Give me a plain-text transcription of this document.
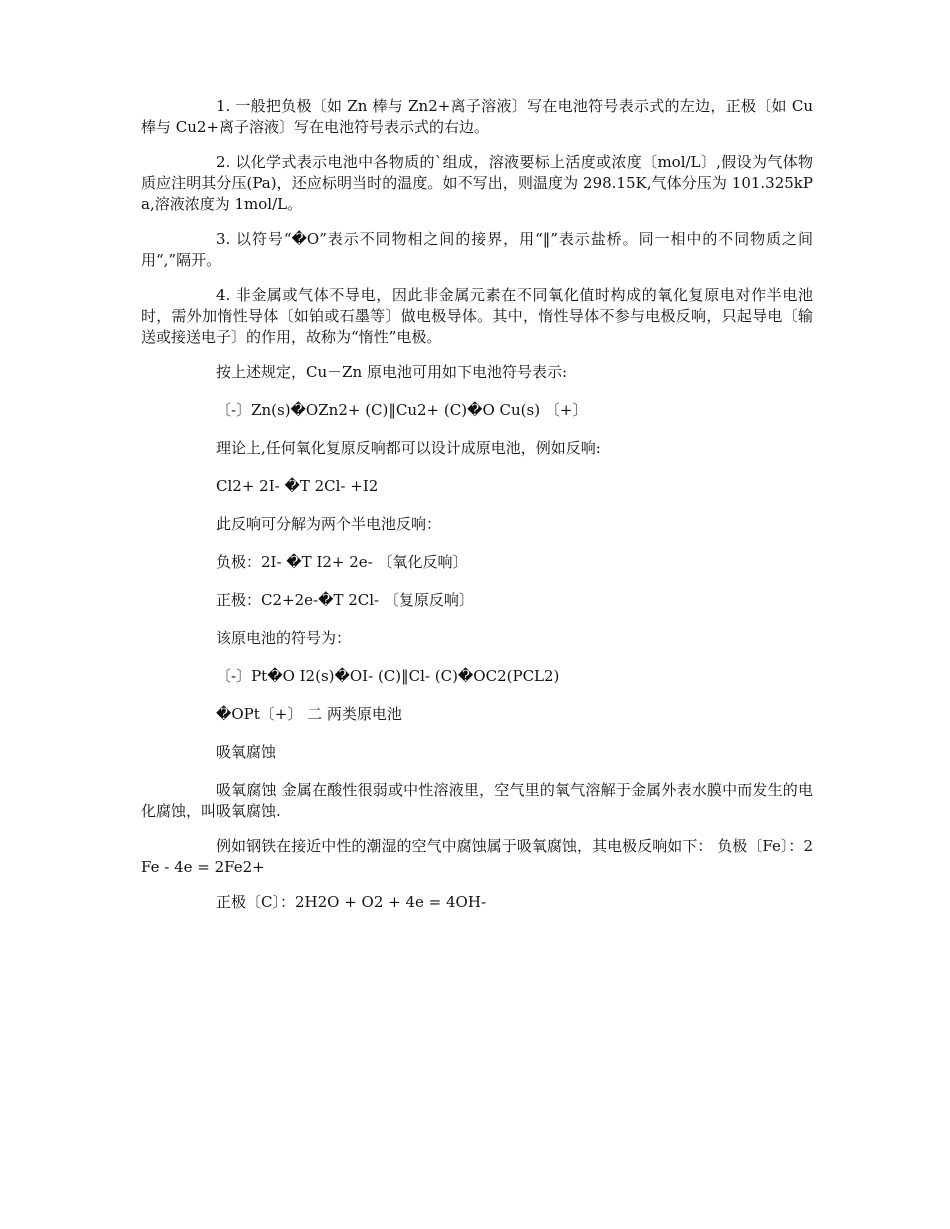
1. 一般把负极〔如 Zn 棒与 Zn2+离子溶液〕写在电池符号表示式的左边，正极〔如 Cu 棒与 Cu2+离子溶液〕写在电池符号表示式的右边。

2. 以化学式表示电池中各物质的`组成，溶液要标上活度或浓度〔mol/L〕,假设为气体物质应注明其分压(Pa)，还应标明当时的温度。如不写出，则温度为 298.15K,气体分压为 101.325kPa,溶液浓度为 1mol/L。

3. 以符号“�O”表示不同物相之间的接界，用“‖”表示盐桥。同一相中的不同物质之间用“,”隔开。

4. 非金属或气体不导电，因此非金属元素在不同氧化值时构成的氧化复原电对作半电池时，需外加惰性导体〔如铂或石墨等〕做电极导体。其中，惰性导体不参与电极反响，只起导电〔输送或接送电子〕的作用，故称为“惰性”电极。

按上述规定，Cu－Zn 原电池可用如下电池符号表示:

〔-〕Zn(s)�OZn2+ (C)‖Cu2+ (C)�O Cu(s) 〔+〕

理论上,任何氧化复原反响都可以设计成原电池，例如反响:

Cl2+ 2I- �T 2Cl- +I2

此反响可分解为两个半电池反响：

负极：2I- �T I2+ 2e- 〔氧化反响〕

正极：C2+2e-�T 2Cl- 〔复原反响〕

该原电池的符号为：

〔-〕Pt�O I2(s)�OI- (C)‖Cl- (C)�OC2(PCL2)

�OPt〔+〕 二 两类原电池

吸氧腐蚀

吸氧腐蚀 金属在酸性很弱或中性溶液里，空气里的氧气溶解于金属外表水膜中而发生的电化腐蚀，叫吸氧腐蚀.

例如钢铁在接近中性的潮湿的空气中腐蚀属于吸氧腐蚀，其电极反响如下： 负极〔Fe〕：2Fe - 4e = 2Fe2+

正极〔C〕：2H2O + O2 + 4e = 4OH-
